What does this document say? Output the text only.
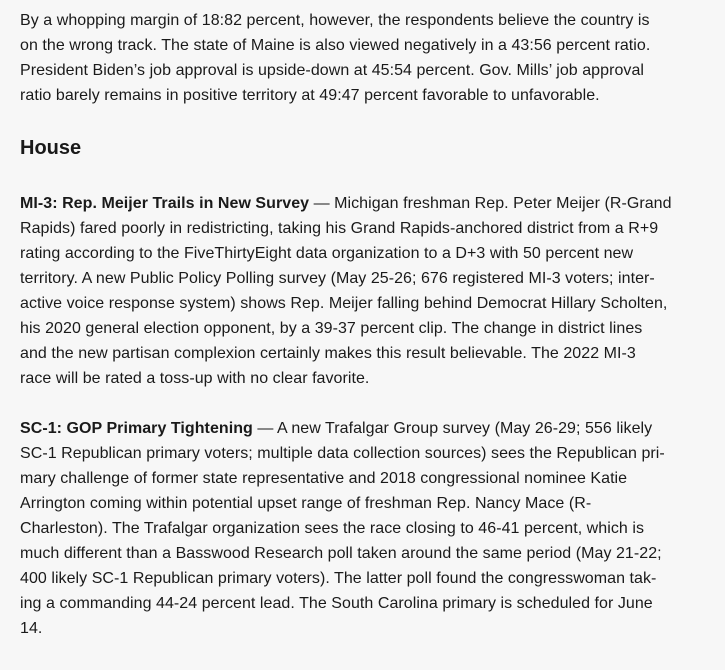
By a whopping margin of 18:82 percent, however, the respondents believe the country is
on the wrong track. The state of Maine is also viewed negatively in a 43:56 percent ratio.
President Biden’s job approval is upside-down at 45:54 percent. Gov. Mills’ job approval
ratio barely remains in positive territory at 49:47 percent favorable to unfavorable.

House

MI-3: Rep. Meijer Trails in New Survey — Michigan freshman Rep. Peter Meijer (R-Grand
Rapids) fared poorly in redistricting, taking his Grand Rapids-anchored district from a R+9
rating according to the FiveThirtyEight data organization to a D+3 with 50 percent new
territory. A new Public Policy Polling survey (May 25-26; 676 registered MI-3 voters; inter-
active voice response system) shows Rep. Meijer falling behind Democrat Hillary Scholten,
his 2020 general election opponent, by a 39-37 percent clip. The change in district lines
and the new partisan complexion certainly makes this result believable. The 2022 MI-3
race will be rated a toss-up with no clear favorite.

SC-1: GOP Primary Tightening — A new Trafalgar Group survey (May 26-29; 556 likely
SC-1 Republican primary voters; multiple data collection sources) sees the Republican pri-
mary challenge of former state representative and 2018 congressional nominee Katie
Arrington coming within potential upset range of freshman Rep. Nancy Mace (R-
Charleston). The Trafalgar organization sees the race closing to 46-41 percent, which is
much different than a Basswood Research poll taken around the same period (May 21-22;
400 likely SC-1 Republican primary voters). The latter poll found the congresswoman tak-
ing a commanding 44-24 percent lead. The South Carolina primary is scheduled for June
14.
